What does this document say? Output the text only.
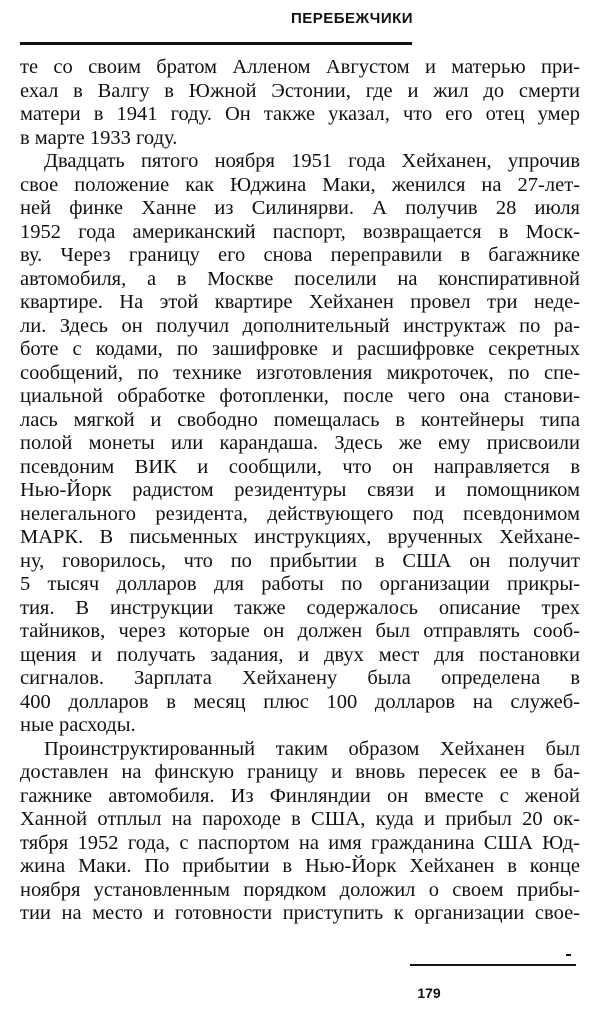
ПЕРЕБЕЖЧИКИ

те со своим братом Алленом Августом и матерью при-
ехал в Валгу в Южной Эстонии, где и жил до смерти
матери в 1941 году. Он также указал, что его отец умер
в марте 1933 году.

Двадцать пятого ноября 1951 года Хейханен, упрочив
свое положение как Юджина Маки, женился на 27-лет-
ней финке Ханне из Силинярви. А получив 28 июля
1952 года американский паспорт, возвращается в Моск-
ву. Через границу его снова переправили в багажнике
автомобиля, а в Москве поселили на конспиративной
квартире. На этой квартире Хейханен провел три неде-
ли. Здесь он получил дополнительный инструктаж по ра-
боте с кодами, по зашифровке и расшифровке секретных
сообщений, по технике изготовления микроточек, по спе-
циальной обработке фотопленки, после чего она станови-
лась мягкой и свободно помещалась в контейнеры типа
полой монеты или карандаша. Здесь же ему присвоили
псевдоним ВИК и сообщили, что он направляется в
Нью-Йорк радистом резидентуры связи и помощником
нелегального резидента, действующего под псевдонимом
МАРК. В письменных инструкциях, врученных Хейхане-
ну, говорилось, что по прибытии в США он получит
5 тысяч долларов для работы по организации прикры-
тия. В инструкции также содержалось описание трех
тайников, через которые он должен был отправлять сооб-
щения и получать задания, и двух мест для постановки
сигналов. Зарплата Хейханену была определена в
400 долларов в месяц плюс 100 долларов на служеб-
ные расходы.

Проинструктированный таким образом Хейханен был
доставлен на финскую границу и вновь пересек ее в ба-
гажнике автомобиля. Из Финляндии он вместе с женой
Ханной отплыл на пароходе в США, куда и прибыл 20 ок-
тября 1952 года, с паспортом на имя гражданина США Юд-
жина Маки. По прибытии в Нью-Йорк Хейханен в конце
ноября установленным порядком доложил о своем прибы-
тии на место и готовности приступить к организации свое-

179
